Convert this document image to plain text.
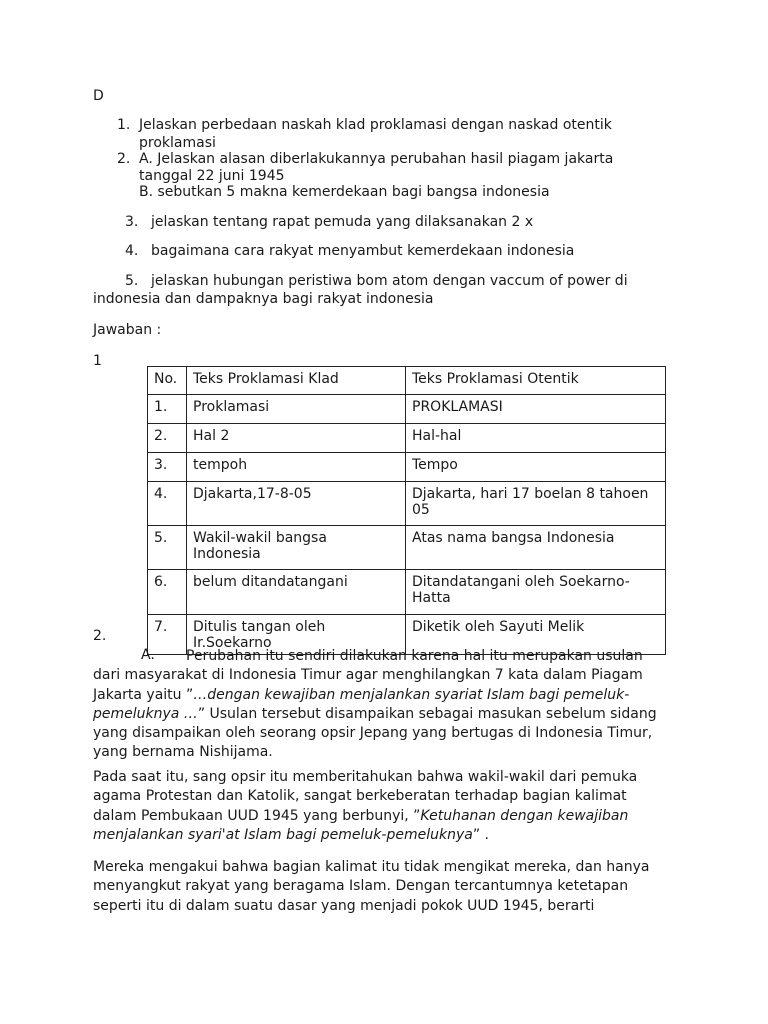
D
1. Jelaskan perbedaan naskah klad proklamasi dengan naskad otentik
proklamasi
2. A. Jelaskan alasan diberlakukannya perubahan hasil piagam jakarta
tanggal 22 juni 1945
B. sebutkan 5 makna kemerdekaan bagi bangsa indonesia
3. jelaskan tentang rapat pemuda yang dilaksanakan 2 x
4. bagaimana cara rakyat menyambut kemerdekaan indonesia
5. jelaskan hubungan peristiwa bom atom dengan vaccum of power di
indonesia dan dampaknya bagi rakyat indonesia
Jawaban :
1
No.	Teks Proklamasi Klad	Teks Proklamasi Otentik
1.	Proklamasi	PROKLAMASI
2.	Hal 2	Hal-hal
3.	tempoh	Tempo
4.	Djakarta,17-8-05	Djakarta, hari 17 boelan 8 tahoen 05
5.	Wakil-wakil bangsa Indonesia	Atas nama bangsa Indonesia
6.	belum ditandatangani	Ditandatangani oleh Soekarno-Hatta
7.	Ditulis tangan oleh Ir.Soekarno	Diketik oleh Sayuti Melik
2.
A.	Perubahan itu sendiri dilakukan karena hal itu merupakan usulan
dari masyarakat di Indonesia Timur agar menghilangkan 7 kata dalam Piagam
Jakarta yaitu ”…dengan kewajiban menjalankan syariat Islam bagi pemeluk-
pemeluknya …” Usulan tersebut disampaikan sebagai masukan sebelum sidang
yang disampaikan oleh seorang opsir Jepang yang bertugas di Indonesia Timur,
yang bernama Nishijama.
Pada saat itu, sang opsir itu memberitahukan bahwa wakil-wakil dari pemuka
agama Protestan dan Katolik, sangat berkeberatan terhadap bagian kalimat
dalam Pembukaan UUD 1945 yang berbunyi, ”Ketuhanan dengan kewajiban
menjalankan syari'at Islam bagi pemeluk-pemeluknya” .
Mereka mengakui bahwa bagian kalimat itu tidak mengikat mereka, dan hanya
menyangkut rakyat yang beragama Islam. Dengan tercantumnya ketetapan
seperti itu di dalam suatu dasar yang menjadi pokok UUD 1945, berarti
